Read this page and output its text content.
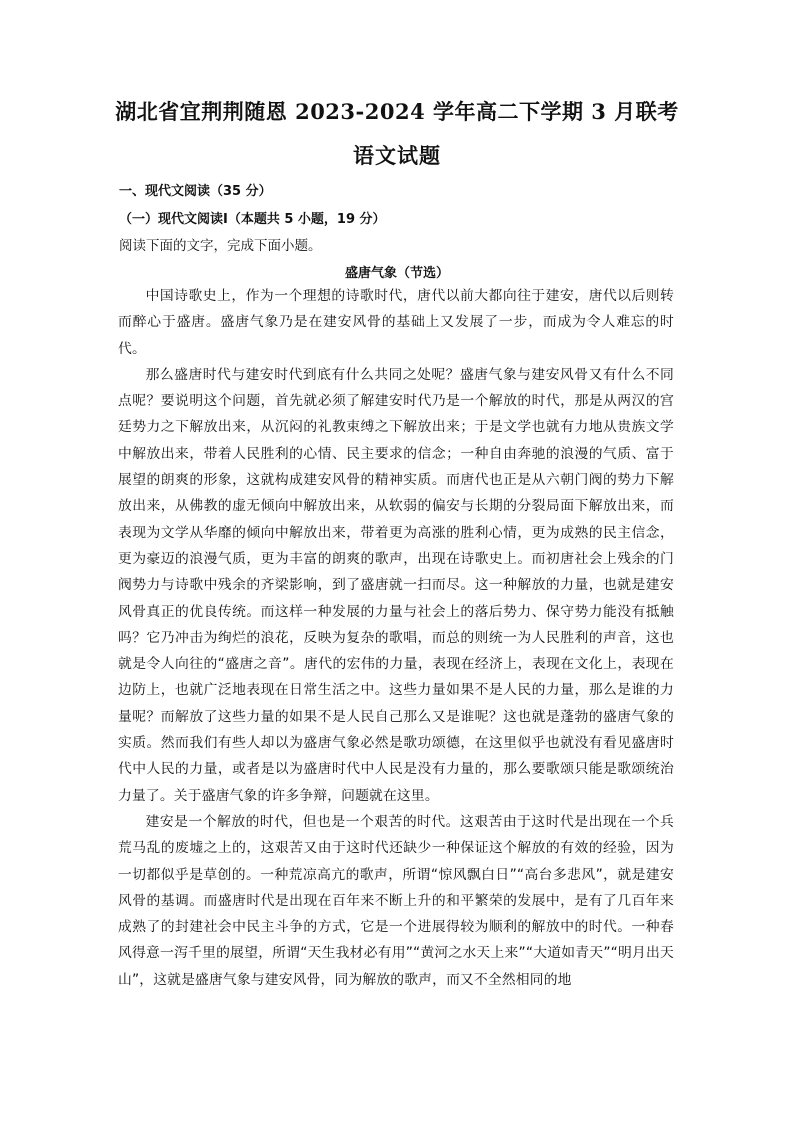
湖北省宜荆荆随恩 2023-2024 学年高二下学期 3 月联考
语文试题
一、现代文阅读（35 分）
（一）现代文阅读Ⅰ（本题共 5 小题，19 分）
阅读下面的文字，完成下面小题。
盛唐气象（节选）

中国诗歌史上，作为一个理想的诗歌时代，唐代以前大都向往于建安，唐代以后则转而醉心于盛唐。盛唐气象乃是在建安风骨的基础上又发展了一步，而成为令人难忘的时代。

那么盛唐时代与建安时代到底有什么共同之处呢？盛唐气象与建安风骨又有什么不同点呢？要说明这个问题，首先就必须了解建安时代乃是一个解放的时代，那是从两汉的宫廷势力之下解放出来，从沉闷的礼教束缚之下解放出来；于是文学也就有力地从贵族文学中解放出来，带着人民胜利的心情、民主要求的信念；一种自由奔驰的浪漫的气质、富于展望的朗爽的形象，这就构成建安风骨的精神实质。而唐代也正是从六朝门阀的势力下解放出来，从佛教的虚无倾向中解放出来，从软弱的偏安与长期的分裂局面下解放出来，而表现为文学从华靡的倾向中解放出来，带着更为高涨的胜利心情，更为成熟的民主信念，更为豪迈的浪漫气质，更为丰富的朗爽的歌声，出现在诗歌史上。而初唐社会上残余的门阀势力与诗歌中残余的齐梁影响，到了盛唐就一扫而尽。这一种解放的力量，也就是建安风骨真正的优良传统。而这样一种发展的力量与社会上的落后势力、保守势力能没有抵触吗？它乃冲击为绚烂的浪花，反映为复杂的歌唱，而总的则统一为人民胜利的声音，这也就是令人向往的“盛唐之音”。唐代的宏伟的力量，表现在经济上，表现在文化上，表现在边防上，也就广泛地表现在日常生活之中。这些力量如果不是人民的力量，那么是谁的力量呢？而解放了这些力量的如果不是人民自己那么又是谁呢？这也就是蓬勃的盛唐气象的实质。然而我们有些人却以为盛唐气象必然是歌功颂德，在这里似乎也就没有看见盛唐时代中人民的力量，或者是以为盛唐时代中人民是没有力量的，那么要歌颂只能是歌颂统治力量了。关于盛唐气象的许多争辩，问题就在这里。

建安是一个解放的时代，但也是一个艰苦的时代。这艰苦由于这时代是出现在一个兵荒马乱的废墟之上的，这艰苦又由于这时代还缺少一种保证这个解放的有效的经验，因为一切都似乎是草创的。一种荒凉高亢的歌声，所谓“惊风飘白日”“高台多悲风”，就是建安风骨的基调。而盛唐时代是出现在百年来不断上升的和平繁荣的发展中，是有了几百年来成熟了的封建社会中民主斗争的方式，它是一个进展得较为顺利的解放中的时代。一种春风得意一泻千里的展望，所谓“天生我材必有用”“黄河之水天上来”“大道如青天”“明月出天山”，这就是盛唐气象与建安风骨，同为解放的歌声，而又不全然相同的地
